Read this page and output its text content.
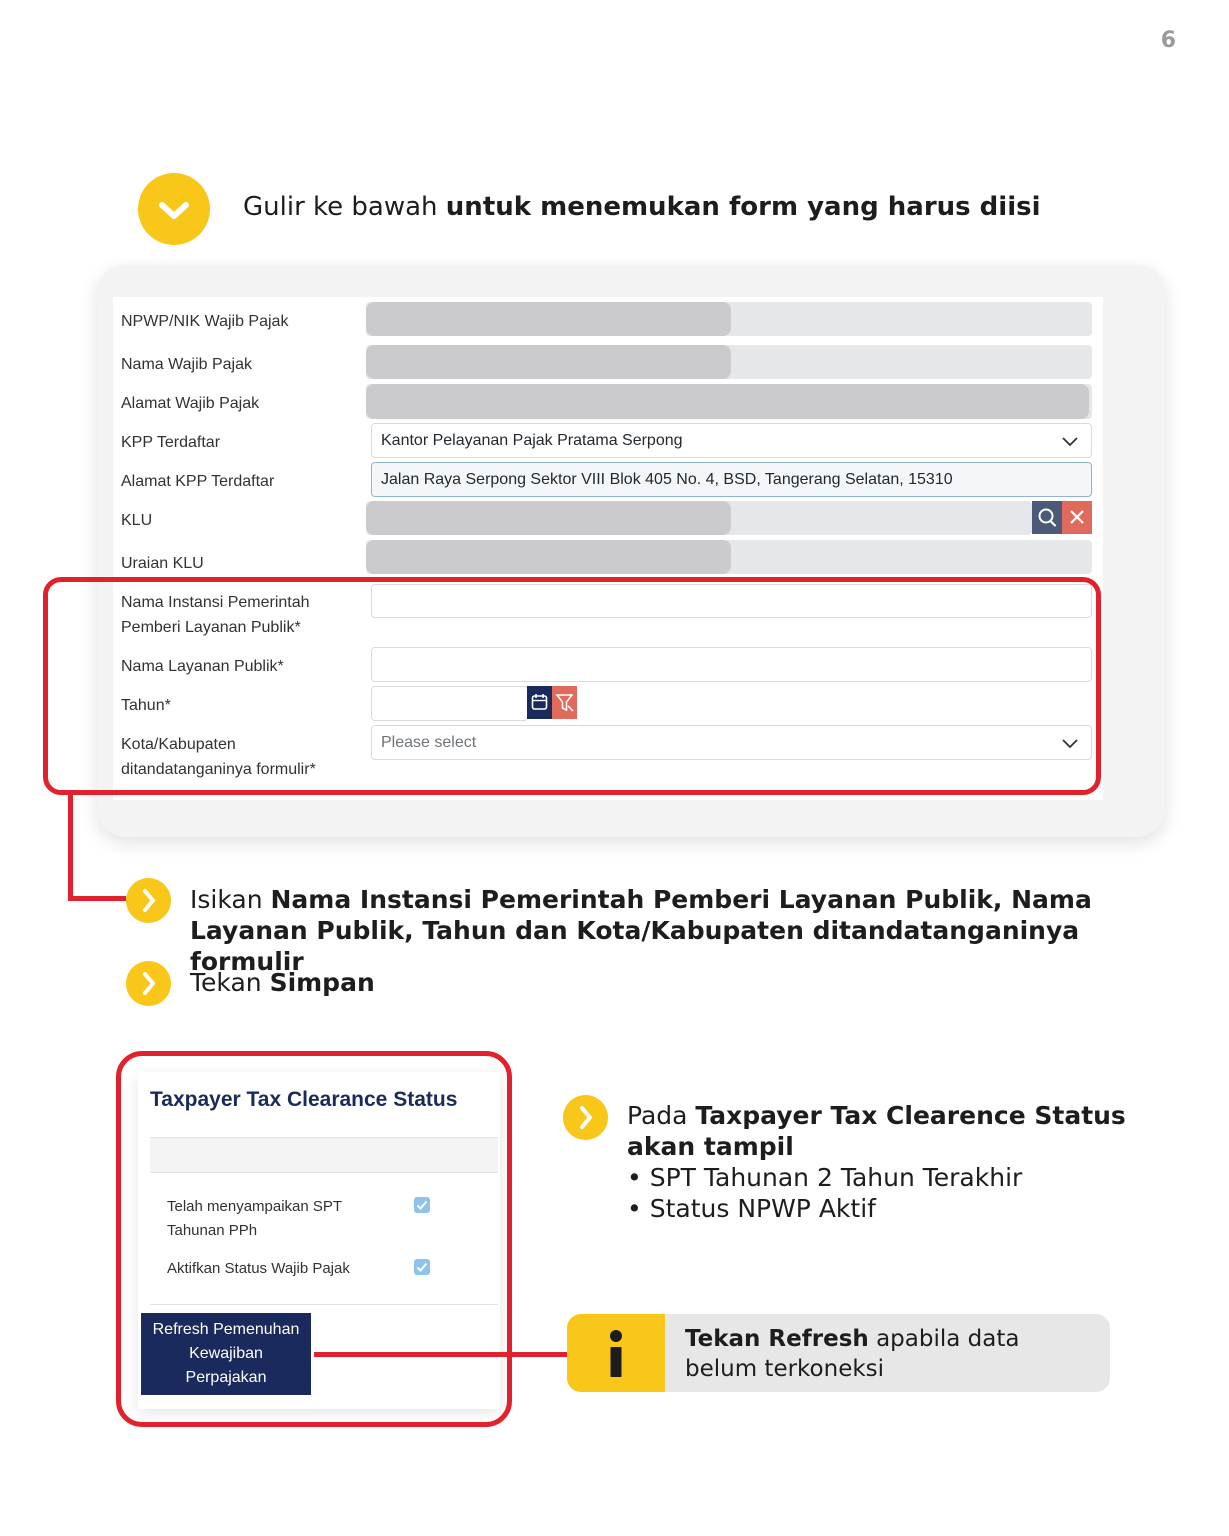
6
Gulir ke bawah untuk menemukan form yang harus diisi
NPWP/NIK Wajib Pajak
Nama Wajib Pajak
Alamat Wajib Pajak
KPP Terdaftar
Alamat KPP Terdaftar
KLU
Uraian KLU
Nama Instansi Pemerintah
Pemberi Layanan Publik*
Nama Layanan Publik*
Tahun*
Kota/Kabupaten
ditandatanganinya formulir*
Kantor Pelayanan Pajak Pratama Serpong
Jalan Raya Serpong Sektor VIII Blok 405 No. 4, BSD, Tangerang Selatan, 15310
Please select
Isikan Nama Instansi Pemerintah Pemberi Layanan Publik, Nama
Layanan Publik, Tahun dan Kota/Kabupaten ditandatanganinya formulir
Tekan Simpan
Taxpayer Tax Clearance Status
Telah menyampaikan SPT
Tahunan PPh
Aktifkan Status Wajib Pajak
Refresh Pemenuhan
Kewajiban
Perpajakan
Pada Taxpayer Tax Clearence Status
akan tampil
• SPT Tahunan 2 Tahun Terakhir
• Status NPWP Aktif
Tekan Refresh apabila data
belum terkoneksi
